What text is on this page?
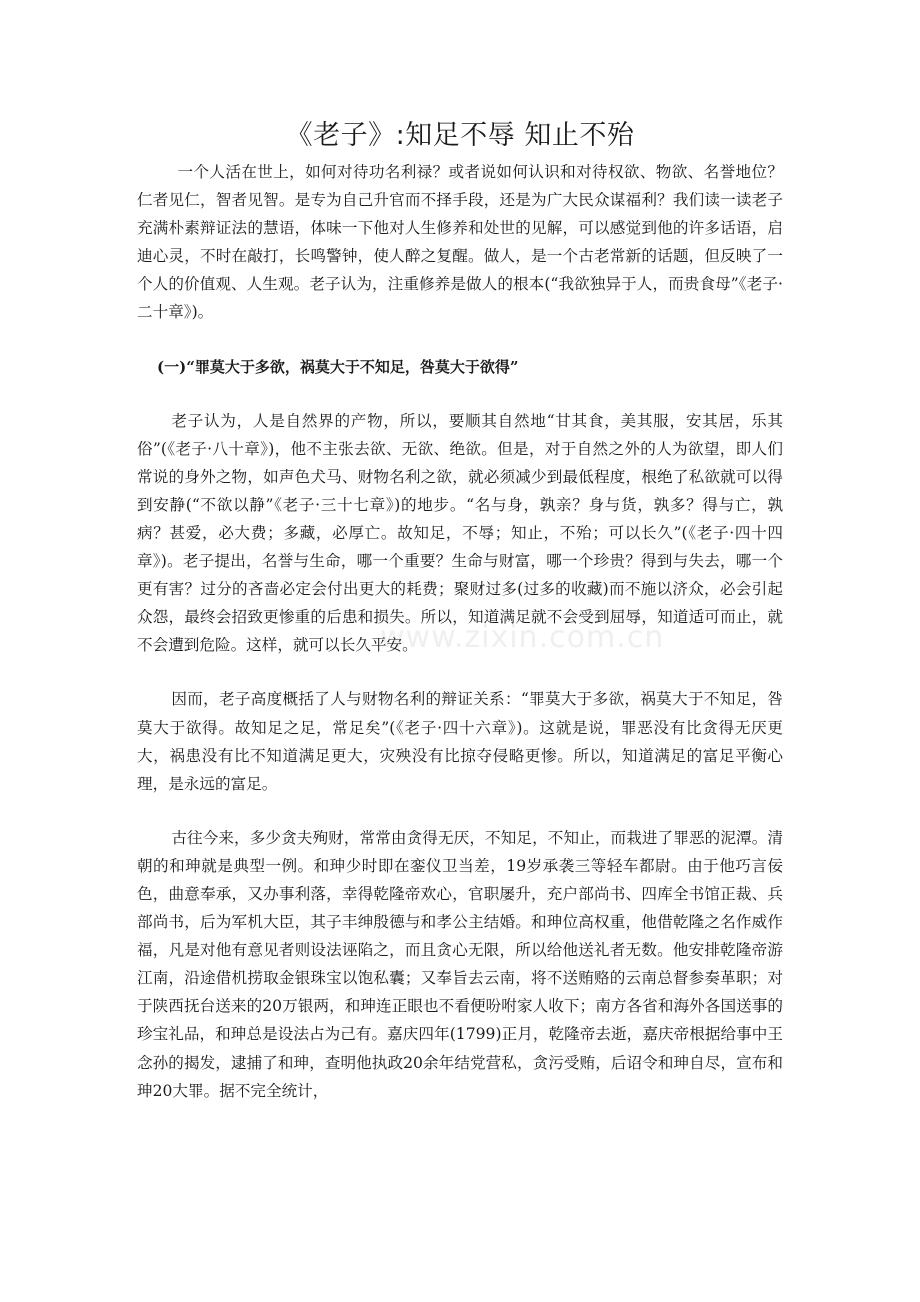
www.zixin.com.cn
《老子》:知足不辱 知止不殆

一个人活在世上，如何对待功名利禄？或者说如何认识和对待权欲、物欲、名誉地位？仁者见仁，智者见智。是专为自己升官而不择手段，还是为广大民众谋福利？我们读一读老子充满朴素辩证法的慧语，体味一下他对人生修养和处世的见解，可以感觉到他的许多话语，启迪心灵，不时在敲打，长鸣警钟，使人醉之复醒。做人，是一个古老常新的话题，但反映了一个人的价值观、人生观。老子认为，注重修养是做人的根本(“我欲独异于人，而贵食母”《老子·二十章》)。

(一)“罪莫大于多欲，祸莫大于不知足，咎莫大于欲得”

老子认为，人是自然界的产物，所以，要顺其自然地“甘其食，美其服，安其居，乐其俗”(《老子·八十章》)，他不主张去欲、无欲、绝欲。但是，对于自然之外的人为欲望，即人们常说的身外之物，如声色犬马、财物名利之欲，就必须减少到最低程度，根绝了私欲就可以得到安静(“不欲以静”《老子·三十七章》)的地步。“名与身，孰亲？身与货，孰多？得与亡，孰病？甚爱，必大费；多藏，必厚亡。故知足，不辱；知止，不殆；可以长久”(《老子·四十四章》)。老子提出，名誉与生命，哪一个重要？生命与财富，哪一个珍贵？得到与失去，哪一个更有害？过分的吝啬必定会付出更大的耗费；聚财过多(过多的收藏)而不施以济众，必会引起众怨，最终会招致更惨重的后患和损失。所以，知道满足就不会受到屈辱，知道适可而止，就不会遭到危险。这样，就可以长久平安。

因而，老子高度概括了人与财物名利的辩证关系：“罪莫大于多欲，祸莫大于不知足，咎莫大于欲得。故知足之足，常足矣”(《老子·四十六章》)。这就是说，罪恶没有比贪得无厌更大，祸患没有比不知道满足更大，灾殃没有比掠夺侵略更惨。所以，知道满足的富足平衡心理，是永远的富足。

古往今来，多少贪夫殉财，常常由贪得无厌，不知足，不知止，而栽进了罪恶的泥潭。清朝的和珅就是典型一例。和珅少时即在銮仪卫当差，19岁承袭三等轻车都尉。由于他巧言佞色，曲意奉承，又办事利落，幸得乾隆帝欢心，官职屡升，充户部尚书、四库全书馆正裁、兵部尚书，后为军机大臣，其子丰绅殷德与和孝公主结婚。和珅位高权重，他借乾隆之名作威作福，凡是对他有意见者则设法诬陷之，而且贪心无限，所以给他送礼者无数。他安排乾隆帝游江南，沿途借机捞取金银珠宝以饱私囊；又奉旨去云南，将不送贿赂的云南总督参奏革职；对于陕西抚台送来的20万银两，和珅连正眼也不看便吩咐家人收下；南方各省和海外各国送事的珍宝礼品，和珅总是设法占为己有。嘉庆四年(1799)正月，乾隆帝去逝，嘉庆帝根据给事中王念孙的揭发，逮捕了和珅，查明他执政20余年结党营私，贪污受贿，后诏令和珅自尽，宣布和珅20大罪。据不完全统计，
